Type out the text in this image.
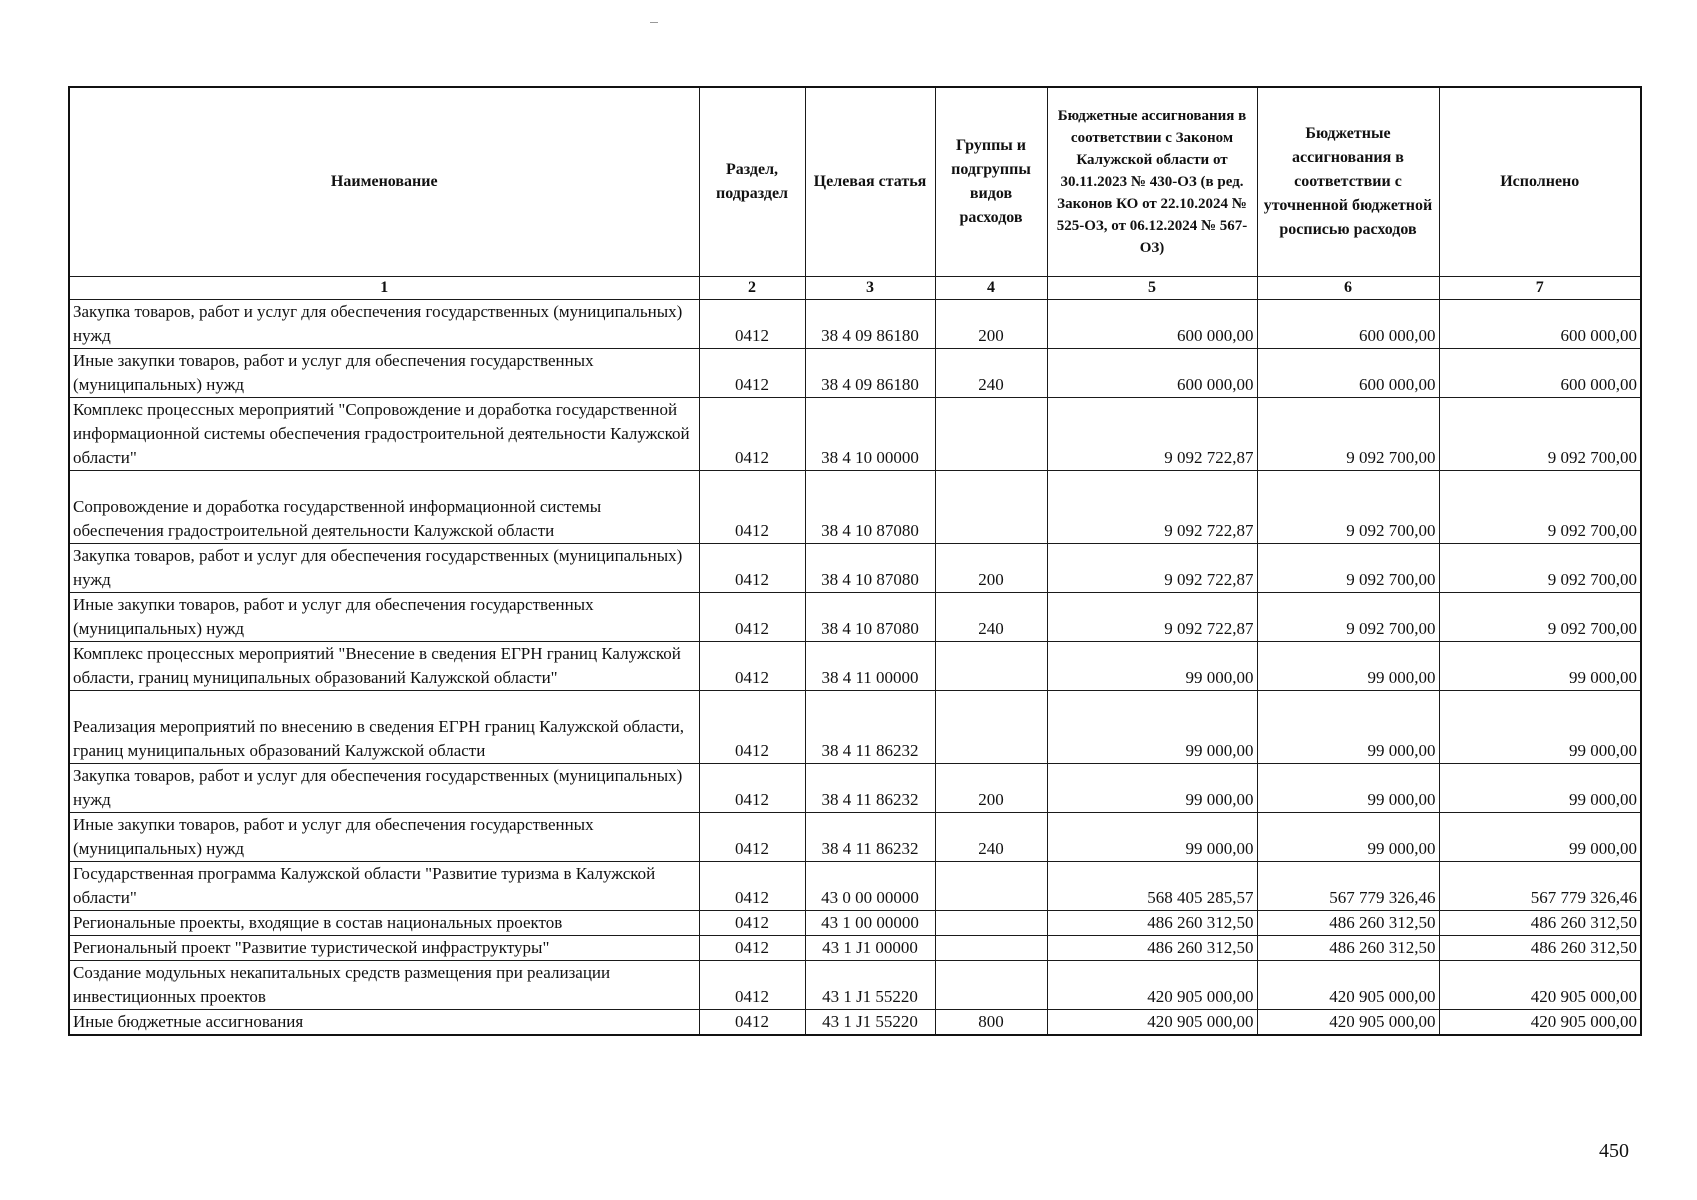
Наименование	Раздел, подраздел	Целевая статья	Группы и подгруппы видов расходов	Бюджетные ассигнования в соответствии с Законом Калужской области от 30.11.2023 № 430-ОЗ (в ред. Законов КО от 22.10.2024 № 525-ОЗ, от 06.12.2024 № 567-ОЗ)	Бюджетные ассигнования в соответствии с уточненной бюджетной росписью расходов	Исполнено
1	2	3	4	5	6	7
Закупка товаров, работ и услуг для обеспечения государственных (муниципальных) нужд	0412	38 4 09 86180	200	600 000,00	600 000,00	600 000,00
Иные закупки товаров, работ и услуг для обеспечения государственных (муниципальных) нужд	0412	38 4 09 86180	240	600 000,00	600 000,00	600 000,00
Комплекс процессных мероприятий "Сопровождение и доработка государственной информационной системы обеспечения градостроительной деятельности Калужской области"	0412	38 4 10 00000		9 092 722,87	9 092 700,00	9 092 700,00
Сопровождение и доработка государственной информационной системы обеспечения градостроительной деятельности Калужской области	0412	38 4 10 87080		9 092 722,87	9 092 700,00	9 092 700,00
Закупка товаров, работ и услуг для обеспечения государственных (муниципальных) нужд	0412	38 4 10 87080	200	9 092 722,87	9 092 700,00	9 092 700,00
Иные закупки товаров, работ и услуг для обеспечения государственных (муниципальных) нужд	0412	38 4 10 87080	240	9 092 722,87	9 092 700,00	9 092 700,00
Комплекс процессных мероприятий "Внесение в сведения ЕГРН границ Калужской области, границ муниципальных образований Калужской области"	0412	38 4 11 00000		99 000,00	99 000,00	99 000,00
Реализация мероприятий по внесению в сведения ЕГРН границ Калужской области, границ муниципальных образований Калужской области	0412	38 4 11 86232		99 000,00	99 000,00	99 000,00
Закупка товаров, работ и услуг для обеспечения государственных (муниципальных) нужд	0412	38 4 11 86232	200	99 000,00	99 000,00	99 000,00
Иные закупки товаров, работ и услуг для обеспечения государственных (муниципальных) нужд	0412	38 4 11 86232	240	99 000,00	99 000,00	99 000,00
Государственная программа Калужской области "Развитие туризма в Калужской области"	0412	43 0 00 00000		568 405 285,57	567 779 326,46	567 779 326,46
Региональные проекты, входящие в состав национальных проектов	0412	43 1 00 00000		486 260 312,50	486 260 312,50	486 260 312,50
Региональный проект "Развитие туристической инфраструктуры"	0412	43 1 J1 00000		486 260 312,50	486 260 312,50	486 260 312,50
Создание модульных некапитальных средств размещения при реализации инвестиционных проектов	0412	43 1 J1 55220		420 905 000,00	420 905 000,00	420 905 000,00
Иные бюджетные ассигнования	0412	43 1 J1 55220	800	420 905 000,00	420 905 000,00	420 905 000,00
450
